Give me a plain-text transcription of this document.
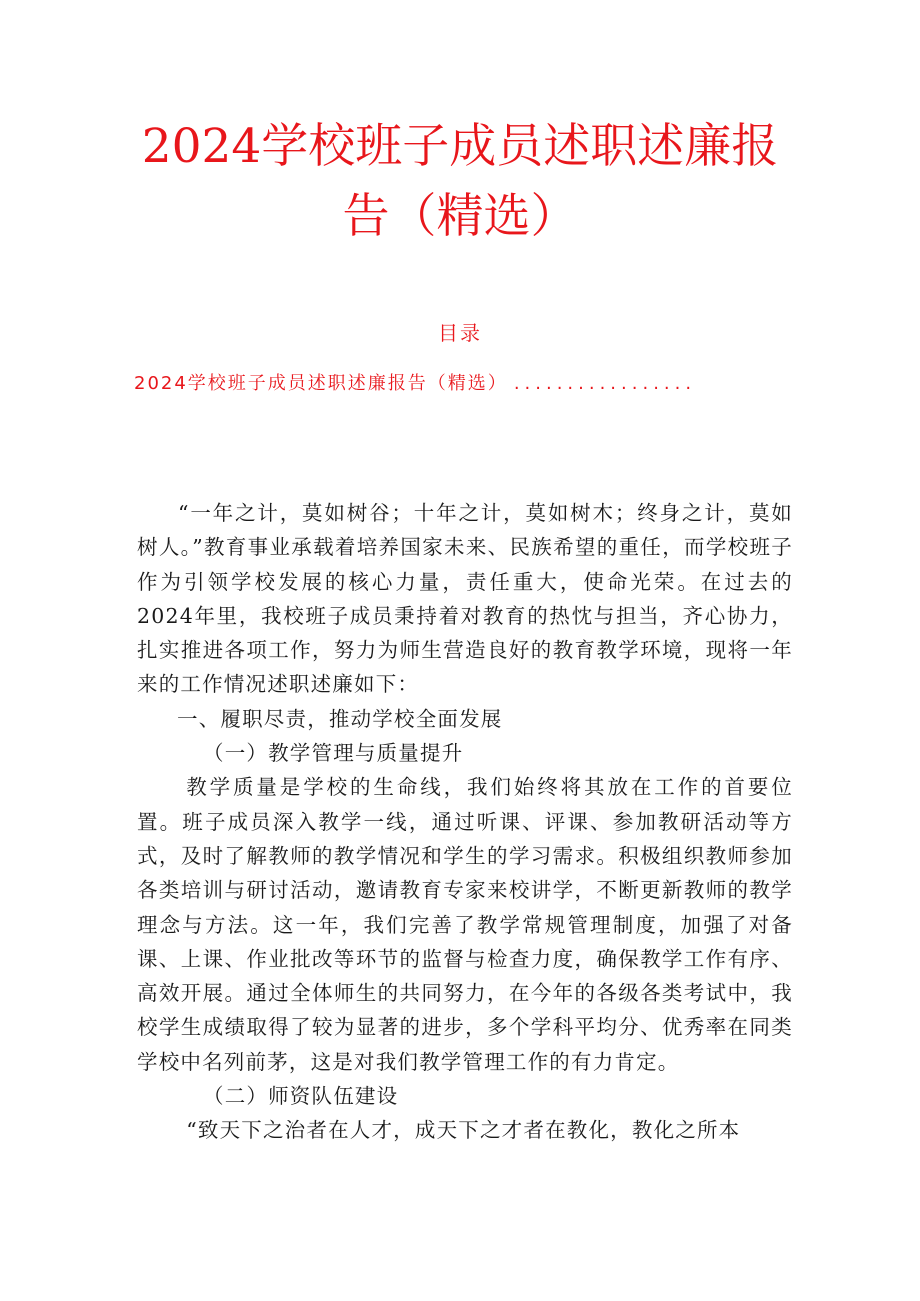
2024学校班子成员述职述廉报
告（精选）
目录
2024学校班子成员述职述廉报告（精选） .................

“一年之计，莫如树谷；十年之计，莫如树木；终身之计，莫如树人。”教育事业承载着培养国家未来、民族希望的重任，而学校班子作为引领学校发展的核心力量，责任重大，使命光荣。在过去的2024年里，我校班子成员秉持着对教育的热忱与担当，齐心协力，扎实推进各项工作，努力为师生营造良好的教育教学环境，现将一年来的工作情况述职述廉如下：

一、履职尽责，推动学校全面发展

（一）教学管理与质量提升

教学质量是学校的生命线，我们始终将其放在工作的首要位置。班子成员深入教学一线，通过听课、评课、参加教研活动等方式，及时了解教师的教学情况和学生的学习需求。积极组织教师参加各类培训与研讨活动，邀请教育专家来校讲学，不断更新教师的教学理念与方法。这一年，我们完善了教学常规管理制度，加强了对备课、上课、作业批改等环节的监督与检查力度，确保教学工作有序、高效开展。通过全体师生的共同努力，在今年的各级各类考试中，我校学生成绩取得了较为显著的进步，多个学科平均分、优秀率在同类学校中名列前茅，这是对我们教学管理工作的有力肯定。

（二）师资队伍建设

“致天下之治者在人才，成天下之才者在教化，教化之所本
